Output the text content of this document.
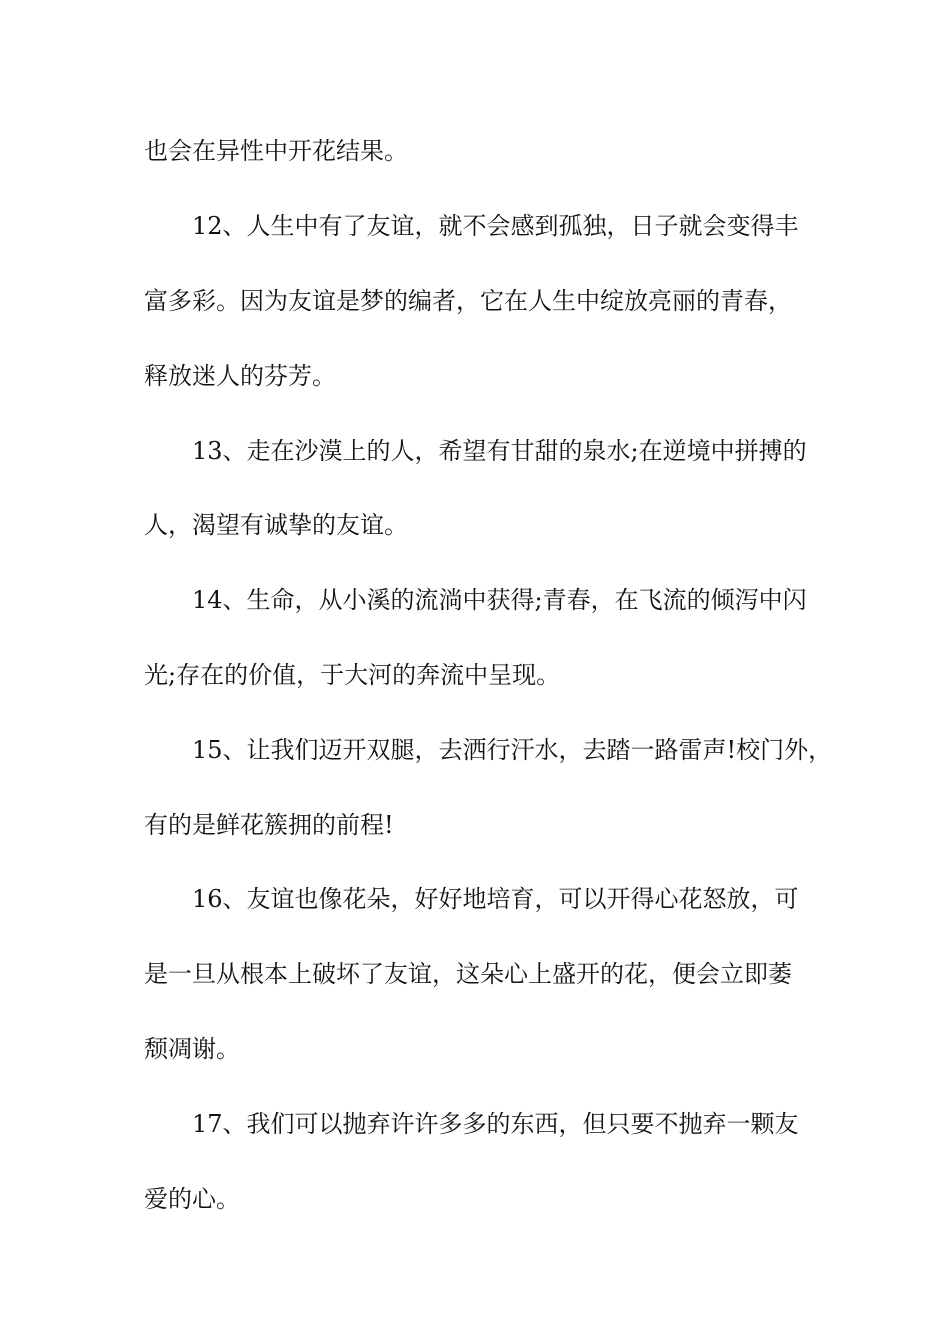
也会在异性中开花结果。

12、人生中有了友谊，就不会感到孤独，日子就会变得丰

富多彩。因为友谊是梦的编者，它在人生中绽放亮丽的青春，

释放迷人的芬芳。

13、走在沙漠上的人，希望有甘甜的泉水;在逆境中拼搏的

人，渴望有诚挚的友谊。

14、生命，从小溪的流淌中获得;青春，在飞流的倾泻中闪

光;存在的价值，于大河的奔流中呈现。

15、让我们迈开双腿，去洒行汗水，去踏一路雷声!校门外，

有的是鲜花簇拥的前程!

16、友谊也像花朵，好好地培育，可以开得心花怒放，可

是一旦从根本上破坏了友谊，这朵心上盛开的花，便会立即萎

颓凋谢。

17、我们可以抛弃许许多多的东西，但只要不抛弃一颗友

爱的心。
